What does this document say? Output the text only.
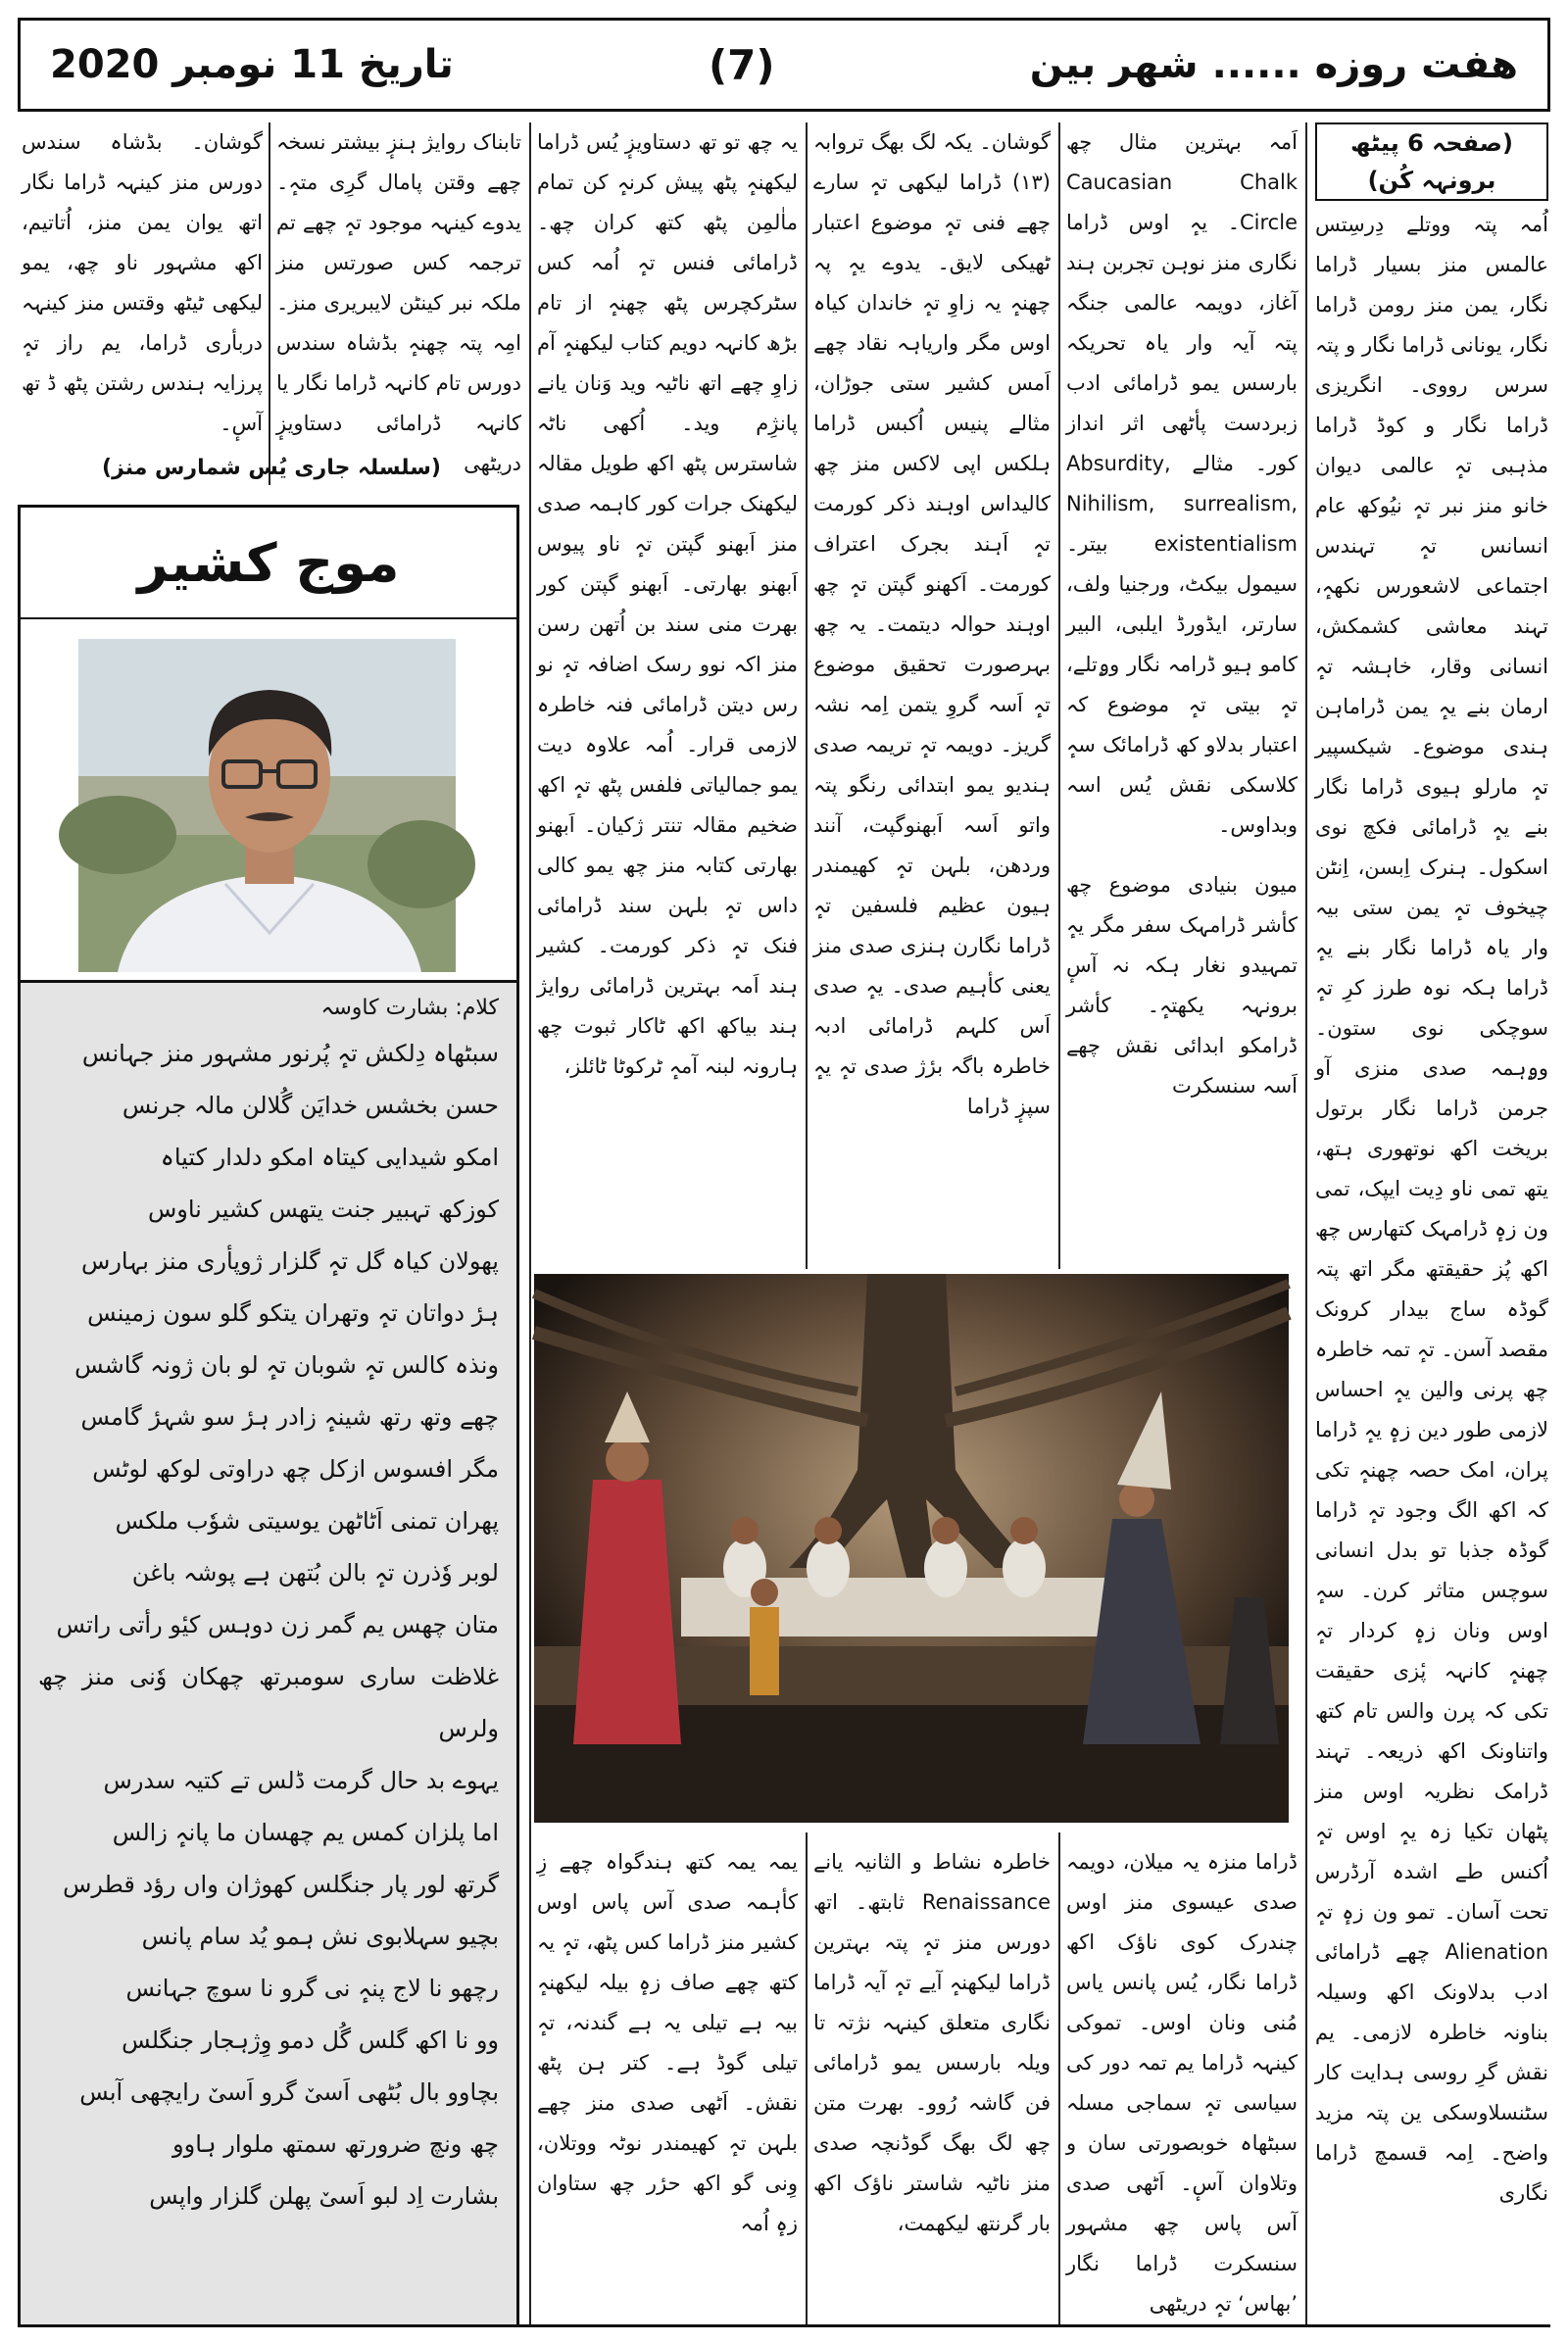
تاریخ 11 نومبر 2020	(7)	هفت روزه ...... شهر بین

(صفحہ 6 پیٹھ برونہہ کُن)

اُمہ پتہ ووتلے دِرسِتس عالمس منز بسیار ڈراما نگار، یمن منز رومن ڈراما نگار، یونانی ڈراما نگار و پتہ سرس رووی۔ انگریزی ڈراما نگار و کوڈ ڈراما مذہبی تہٕ عالمی دیوان خانو منز نبر تہٕ نیُوکھ عام انسانس تہٕ تہندس اجتماعی لاشعورس نکھہٕ، تہند معاشی کشمکش، انسانی وقار، خاہشہ تہٕ ارمان بنے یہٕ یمن ڈراماہن ہندی موضوع۔ شیکسپیر تہٕ مارلو ہیوی ڈراما نگار بنے یہٕ ڈرامائی فکچ نوی اسکول۔ ہنرک اِبسن، اِنٹن چیخوف تہٕ یمن ستی بیہ وار یاہ ڈراما نگار بنے یہٕ ڈراما ہکہ نوہ طرز کرِ تہٕ سوچکی نوی ستون۔ وۄہمہ صدی منزی آو جرمن ڈراما نگار برتول بریخت اکھ نوتھوری ہتھ، یتھ تمی ناو دِیت ایپک، تمی ون زہٕ ڈرامہک کتھارس چھ اکھ پُز حقیقتھ مگر اتھ پتہ گوڈہ ساج بیدار کرونک مقصد آسن۔ تہٕ تمہ خاطرہ چھ پرنی والین یہٕ احساس لازمی طور دین زہٕ یہٕ ڈراما پران، امک حصہ چھنہٕ تکی کہ اکھ الگ وجود تہٕ ڈراما گوڈہ جذبا تو بدل انسانی سوچس متاثر کرن۔ سہٕ اوس ونان زہٕ کردار تہٕ چھنہٕ کانہہ پٔزی حقیقت تکی کہ پرن والس تام کتھ واتناونک اکھ ذریعہ۔ تہند ڈرامک نظریہ اوس منز پٹھان تکیا زہ یہٕ اوس تہٕ اُکنس طے اشدہ آرڈرس تحت آسان۔ تمو ون زہٕ تہٕ Alienation چھے ڈرامائی ادب بدلاونک اکھ وسیلہ بناونہ خاطرہ لازمی۔ یم نقش گرِ روسی ہدایت کار سٹنسلاوسکی ین پتہ مزید واضح۔ اِمہ قسمچ ڈراما نگاری

اَمہ بہترین مثال چھ Caucasian Chalk Circle۔ یہٕ اوس ڈراما نگاری منز نوہن تجربن ہند آغاز، دویمہ عالمی جنگہ پتہ آیہ وار یاہ تحریکہ بارسس یمو ڈرامائی ادب زبردست پأٹھی اثر انداز کور۔ مثالے Absurdity, Nihilism, surrealism, existentialism بیتر۔ سیمول بیکٹ، ورجنیا ولف، سارتر، ایڈورڈ ایلبی، البیر کامو ہیو ڈرامہ نگار وۄتلے، تہٕ بیتی تہٕ موضوع کہ اعتبار بدلاو کھ ڈرامائک سہٕ کلاسکی نقش یُس اسہ وبداوس۔

میون بنیادی موضوع چھ کأشر ڈرامہک سفر مگر یہٕ تمہیدو نغار ہکہ نہ آسٕ برونہہ یکھتہٕ۔ کأشر ڈرامکو ابدائی نقش چھے اَسہ سنسکرت

گوشان۔ یکہ لگ بھگ تروابہ (۱۳) ڈراما لیکھی تہٕ سارے چھے فنی تہٕ موضوع اعتبار ٹھیکی لایق۔ یدوے یہٕ پہ چھنہٕ یہ زاوِ تہٕ خاندان کیاہ اوس مگر واریاہہ نقاد چھے اَمس کشیر ستی جوڑان، مثالے پنیس اُکبس ڈراما ہلکس اپی لاکس منز چھ کالیداس اوہند ذکر کورمت تہٕ اَہند بجرک اعتراف کورمت۔ اَکھنو گپتن تہٕ چھ اوہند حوالہ دیتمت۔ یہ چھ بہرصورت تحقیق موضوع تہٕ اَسہ گروِ یتمن اِمہ نشہ گریز۔ دویمہ تہٕ تریمہ صدی ہندیو یمو ابتدائی رنگو پتہ واتو اَسہ اَبھنوگپت، آنند وردھن، بلہن تہٕ کھیمندر ہیون عظیم فلسفین تہٕ ڈراما نگارن ہنزی صدی منز یعنی کأہیم صدی۔ یہٕ صدی اَس کلہم ڈرامائی ادبہ خاطرہ باگہ برٔژ صدی تہٕ یہٕ سپزٕ ڈراما

یہ چھ تو تھ دستاویزٕ یُس ڈراما لیکھنہٕ پٹھ پیش کرنہٕ کن تمام ماٰلمِن پٹھ کتھ کران چھ۔ ڈرامائی فنس تہٕ اُمہ کس سٹرکچرس پٹھ چھنہٕ از تام بڑھ کانہہ دویم کتاب لیکھنہٕ آم زاوِ چھے اتھ ناٹیہ وید وَنان یانے پانژِم وید۔ اُکھی ناٹہ شاسترس پٹھ اکھ طویل مقالہ لیکھنک جرات کور کاہمہ صدی منز اَبھنو گپتن تہٕ ناو پیوس اَبھنو بھارتی۔ اَبھنو گپتن کور بھرت منی سند بن اُتھن رسن منز اکہ نوو رسک اضافہ تہٕ نو رس دیتن ڈرامائی فنہ خاطرہ لازمی قرار۔ اُمہ علاوہ دیت یمو جمالیاتی فلفس پٹھ تہٕ اکھ ضخیم مقالہ تنتر ژکیان۔ اَبھنو بھارتی کتابہ منز چھ یمو کالی داس تہٕ بلہن سند ڈرامائی فنک تہٕ ذکر کورمت۔ کشیر ہند اَمہ بہترین ڈرامائی روایژ ہند بیاکھ اکھ ٹاکار ثبوت چھ ہارونہ لبنہ آمہٕ ٹرکوٹا ٹائلز،

تابناک روایژ ہنزٕ بیشتر نسخہ چھے وقتن پامال گرِی متہٕ۔ یدوے کینہہ موجود تہٕ چھے تم ترجمہ کس صورتس منز ملکہ نبر کینٹن لایبریری منز۔ امِہ پتہ چھنہٕ بڈشاہ سندس دورس تام کانہہ ڈراما نگار یا کانہہ ڈرامائی دستاویزٕ دریٹھی

گوشان۔ بڈشاہ سندس دورس منز کینہہ ڈراما نگار اتھ یوان یمن منز، اُتاتیم، اکھ مشہور ناو چھ، یمو لیکھی ٹیٹھ وقتس منز کینہہ دربأری ڈراما، یم راز تہٕ پرزایہ ہندس رشتن پٹھ ڈ تھ آسٕ۔

(سلسلہ جاری یُس شمارس منز)
موج کشیر
کلام: بشارت کاوسہ
سبٹھاہ دِلکش تہٕ پُرنور مشہور منز جہانس
حسن بخشس خدایَن گُلالن مالہ جرنس
امکو شیدایی کیتاہ امکو دلدار کتیاہ
کوزکھ تہبیر جنت یتھس کشیر ناوس
پھولان کیاہ گل تہٕ گلزار ژوپأری منز بہارس
ہرٔ دواتان تہٕ وتھران یتکو گلو سون زمینس
ونذہ کالس تہٕ شوبان تہٕ لو بان ژونہ گاشس
چھے وتھ رتھ شینہٕ زادر ہرٔ سو شہرٔ گامس
مگر افسوس ازکل چھ دراوتی لوکھ لوٹس
پھران تمنی اَٹاٹھن یوسیتی شوٗب ملکس
لوبر وٗذرن تہٕ بالن بُتھن ہے پوشہ باغن
متان چھس یم گمر زن دوہس کیٔو رأتی راتس
غلاظت ساری سومبرتھ چھکان وٗنی منز چھ ولرس
یہوے بد حال گرمت ڈلس تے کتیہ سدرس
اما پلزان کمس یم چھسان ما پانہٕ زالس
گرتھ لور پار جنگلس کھوژان واں رؤد قطرس
بچیو سہلابوی نش ہمو یُد سام پانس
رچھو نا لاج پنہٕ نی گرو نا سوچ جہانس
وو نا اکھ گلس گُل دمو وِژہجار جنگلس
بچاوو بال بُٹھی اَسیٚ گرو اَسیٚ رایچھی آبس
چھ ونچ ضرورتھ سمتھ ملوار ہاوو
بشارت اِد لبو اَسیٚ پھلن گلزار واپس

ڈراما منزہ یہ میلان، دویمہ صدی عیسوی منز اوس چندرک کوی ناؤک اکھ ڈراما نگار، یُس پانس یاس مُنی ونان اوس۔ تموکی کینہہ ڈراما یم تمہ دور کی سیاسی تہٕ سماجی مسلہ سبٹھاہ خوبصورتی سان و وتلاوان آسٕ۔ اَٹھی صدی آس پاس چھ مشہور سنسکرت ڈراما نگار ’بھاس‘ تہٕ دریٹھی

خاطرہ نشاط و الثانیہ یانے Renaissance ثابتھ۔ اتھ دورس منز تہٕ پتہ بہترین ڈراما لیکھنہٕ آیے تہٕ آیہ ڈراما نگاری متعلق کینہہ نژتہ تا ویلہ بارسس یمو ڈرامائی فن گاشہ رُوو۔ بھرت متن چھ لگ بھگ گوڈنچہ صدی منز ناٹیہ شاستر ناؤک اکھ بار گرنتھ لیکھمت،

یمہ یمہ کتھ ہندگواہ چھے زِ کأہمہ صدی آس پاس اوس کشیر منز ڈراما کس پٹھ، تہٕ یہ کتھ چھے صاف زہٕ بیلہ لیکھنہٕ بیہ ہے تیلی یہ ہے گندنہ، تہٕ تیلی گوڈ ہے۔ کتر ہن پٹھ نقش۔ اَٹھی صدی منز چھے بلہن تہٕ کھیمندر نوٹہ ووتلان، وِنی گو اکھ حرٔر چھ ستاوان زہٕ اُمہ
